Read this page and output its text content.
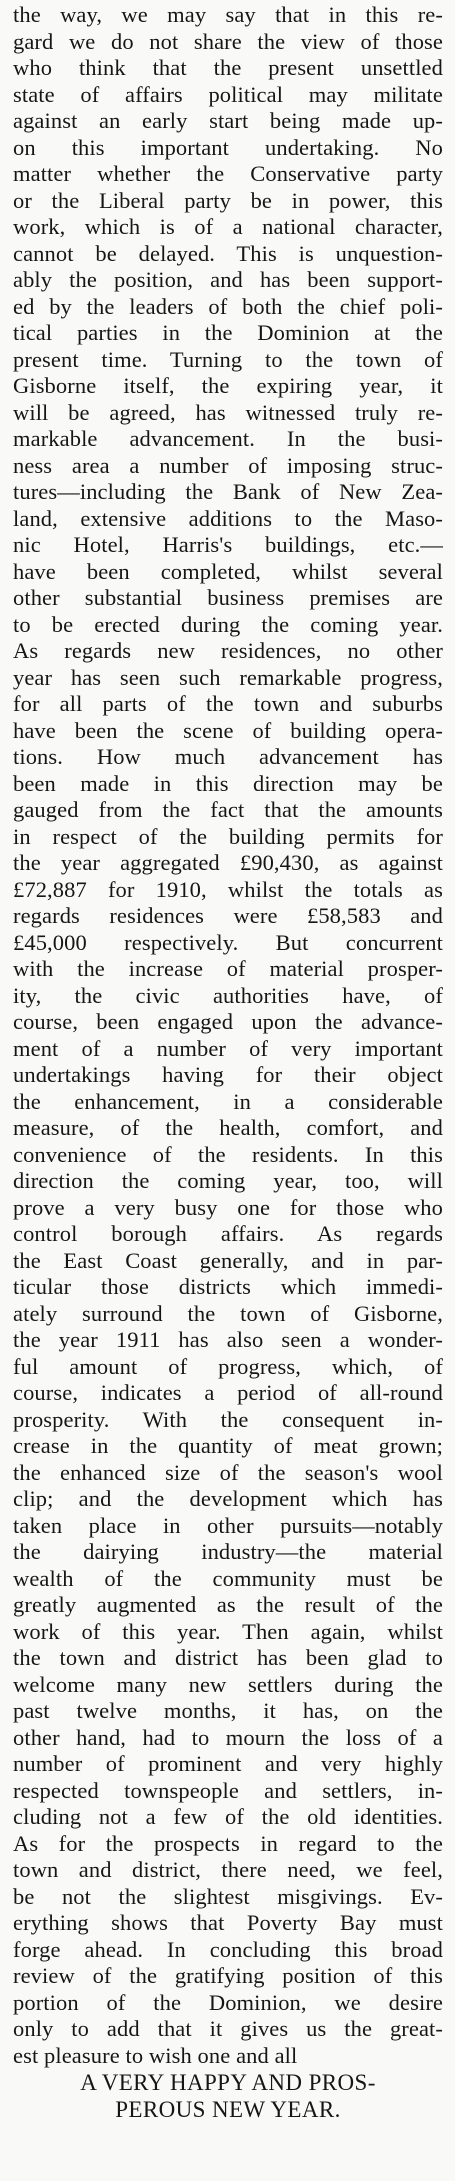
the way, we may say that in this re-
gard we do not share the view of those
who think that the present unsettled
state of affairs political may militate
against an early start being made up-
on this important undertaking. No
matter whether the Conservative party
or the Liberal party be in power, this
work, which is of a national character,
cannot be delayed. This is unquestion-
ably the position, and has been support-
ed by the leaders of both the chief poli-
tical parties in the Dominion at the
present time. Turning to the town of
Gisborne itself, the expiring year, it
will be agreed, has witnessed truly re-
markable advancement. In the busi-
ness area a number of imposing struc-
tures—including the Bank of New Zea-
land, extensive additions to the Maso-
nic Hotel, Harris's buildings, etc.—
have been completed, whilst several
other substantial business premises are
to be erected during the coming year.
As regards new residences, no other
year has seen such remarkable progress,
for all parts of the town and suburbs
have been the scene of building opera-
tions. How much advancement has
been made in this direction may be
gauged from the fact that the amounts
in respect of the building permits for
the year aggregated £90,430, as against
£72,887 for 1910, whilst the totals as
regards residences were £58,583 and
£45,000 respectively. But concurrent
with the increase of material prosper-
ity, the civic authorities have, of
course, been engaged upon the advance-
ment of a number of very important
undertakings having for their object
the enhancement, in a considerable
measure, of the health, comfort, and
convenience of the residents. In this
direction the coming year, too, will
prove a very busy one for those who
control borough affairs. As regards
the East Coast generally, and in par-
ticular those districts which immedi-
ately surround the town of Gisborne,
the year 1911 has also seen a wonder-
ful amount of progress, which, of
course, indicates a period of all-round
prosperity. With the consequent in-
crease in the quantity of meat grown;
the enhanced size of the season's wool
clip; and the development which has
taken place in other pursuits—notably
the dairying industry—the material
wealth of the community must be
greatly augmented as the result of the
work of this year. Then again, whilst
the town and district has been glad to
welcome many new settlers during the
past twelve months, it has, on the
other hand, had to mourn the loss of a
number of prominent and very highly
respected townspeople and settlers, in-
cluding not a few of the old identities.
As for the prospects in regard to the
town and district, there need, we feel,
be not the slightest misgivings. Ev-
erything shows that Poverty Bay must
forge ahead. In concluding this broad
review of the gratifying position of this
portion of the Dominion, we desire
only to add that it gives us the great-
est pleasure to wish one and all
A VERY HAPPY AND PROS-
PEROUS NEW YEAR.
